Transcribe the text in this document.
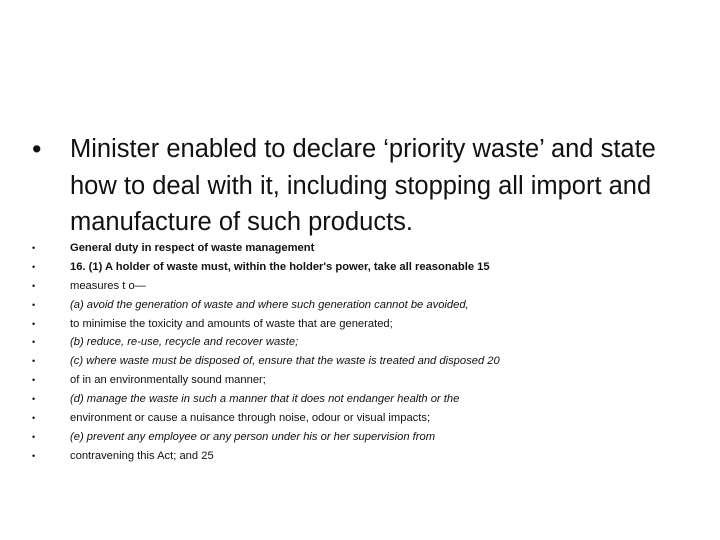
•	Minister enabled to declare ‘priority waste’ and state how to deal with it, including stopping all import and manufacture of such products.
•	General duty in respect of waste management
•	16. (1) A holder of waste must, within the holder's power, take all reasonable 15
•	measures t o—
•	(a) avoid the generation of waste and where such generation cannot be avoided,
•	to minimise the toxicity and amounts of waste that are generated;
•	(b) reduce, re-use, recycle and recover waste;
•	(c) where waste must be disposed of, ensure that the waste is treated and disposed 20
•	of in an environmentally sound manner;
•	(d) manage the waste in such a manner that it does not endanger health or the
•	environment or cause a nuisance through noise, odour or visual impacts;
•	(e) prevent any employee or any person under his or her supervision from
•	contravening this Act; and 25
